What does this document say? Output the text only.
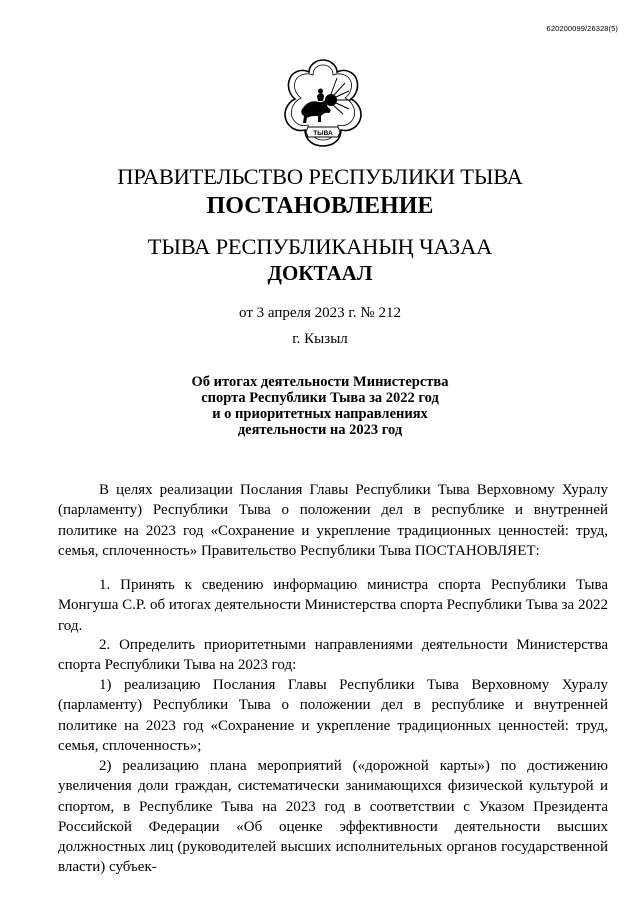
620200099/26328(5)
ТЫВА
ПРАВИТЕЛЬСТВО РЕСПУБЛИКИ ТЫВА
ПОСТАНОВЛЕНИЕ
ТЫВА РЕСПУБЛИКАНЫҢ ЧАЗАА
ДОКТААЛ
от 3 апреля 2023 г. № 212
г. Кызыл
Об итогах деятельности Министерства
спорта Республики Тыва за 2022 год
и о приоритетных направлениях
деятельности на 2023 год

В целях реализации Послания Главы Республики Тыва Верховному Хуралу (парламенту) Республики Тыва о положении дел в республике и внутренней политике на 2023 год «Сохранение и укрепление традиционных ценностей: труд, семья, сплоченность» Правительство Республики Тыва ПОСТАНОВЛЯЕТ:

1. Принять к сведению информацию министра спорта Республики Тыва Монгуша С.Р. об итогах деятельности Министерства спорта Республики Тыва за 2022 год.

2. Определить приоритетными направлениями деятельности Министерства спорта Республики Тыва на 2023 год:

1) реализацию Послания Главы Республики Тыва Верховному Хуралу (парламенту) Республики Тыва о положении дел в республике и внутренней политике на 2023 год «Сохранение и укрепление традиционных ценностей: труд, семья, сплоченность»;

2) реализацию плана мероприятий («дорожной карты») по достижению увеличения доли граждан, систематически занимающихся физической культурой и спортом, в Республике Тыва на 2023 год в соответствии с Указом Президента Российской Федерации «Об оценке эффективности деятельности высших должностных лиц (руководителей высших исполнительных органов государственной власти) субъек-
